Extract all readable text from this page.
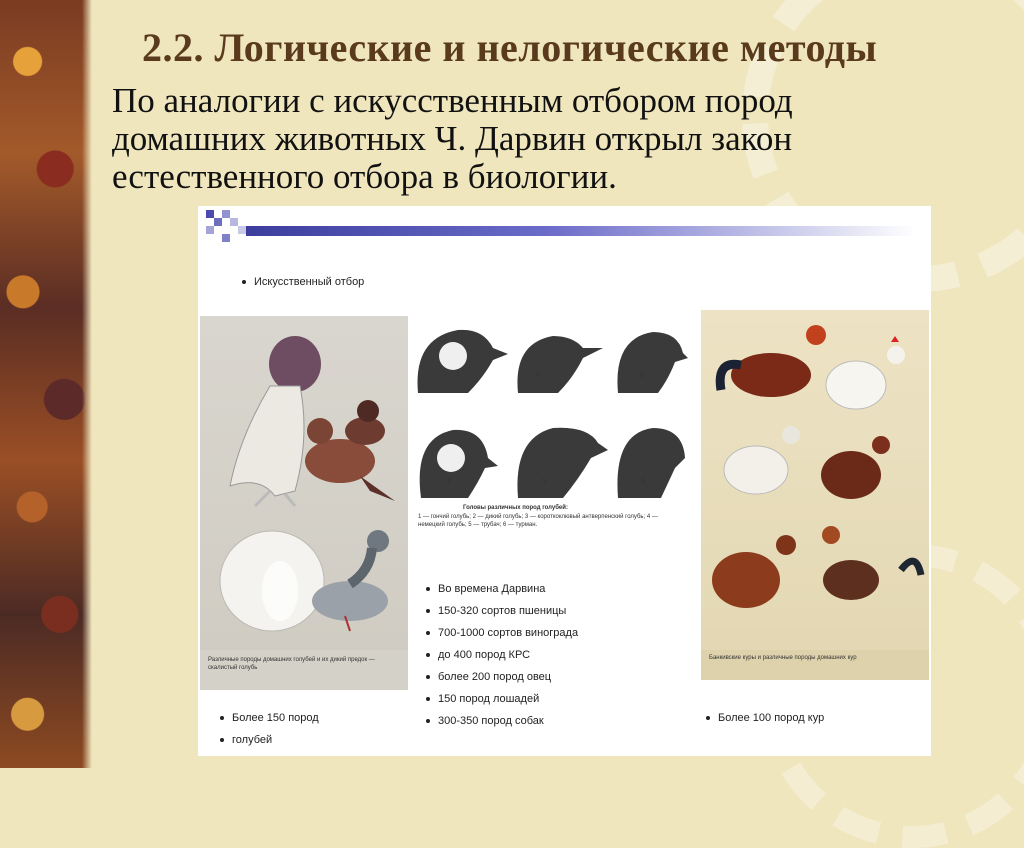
2.2. Логические и нелогические методы

По аналогии с искусственным отбором пород домашних животных Ч. Дарвин открыл закон естественного отбора в биологии.

Искусственный отбор
Различные породы домашних голубей и их дикий предок — скалистый голубь
1	2	3
4	5	6
Головы различных пород голубей:
1 — гончий голубь; 2 — дикий голубь; 3 — короткоклювый антверпенский голубь; 4 — немецкий голубь; 5 — трубач; 6 — турман.
Банкивские куры и различные породы домашних кур
Во времена Дарвина
150-320 сортов пшеницы
700-1000 сортов винограда
до 400 пород КРС
более 200 пород овец
150 пород лошадей
300-350 пород собак
Более 150 пород
голубей
Более 100 пород кур
